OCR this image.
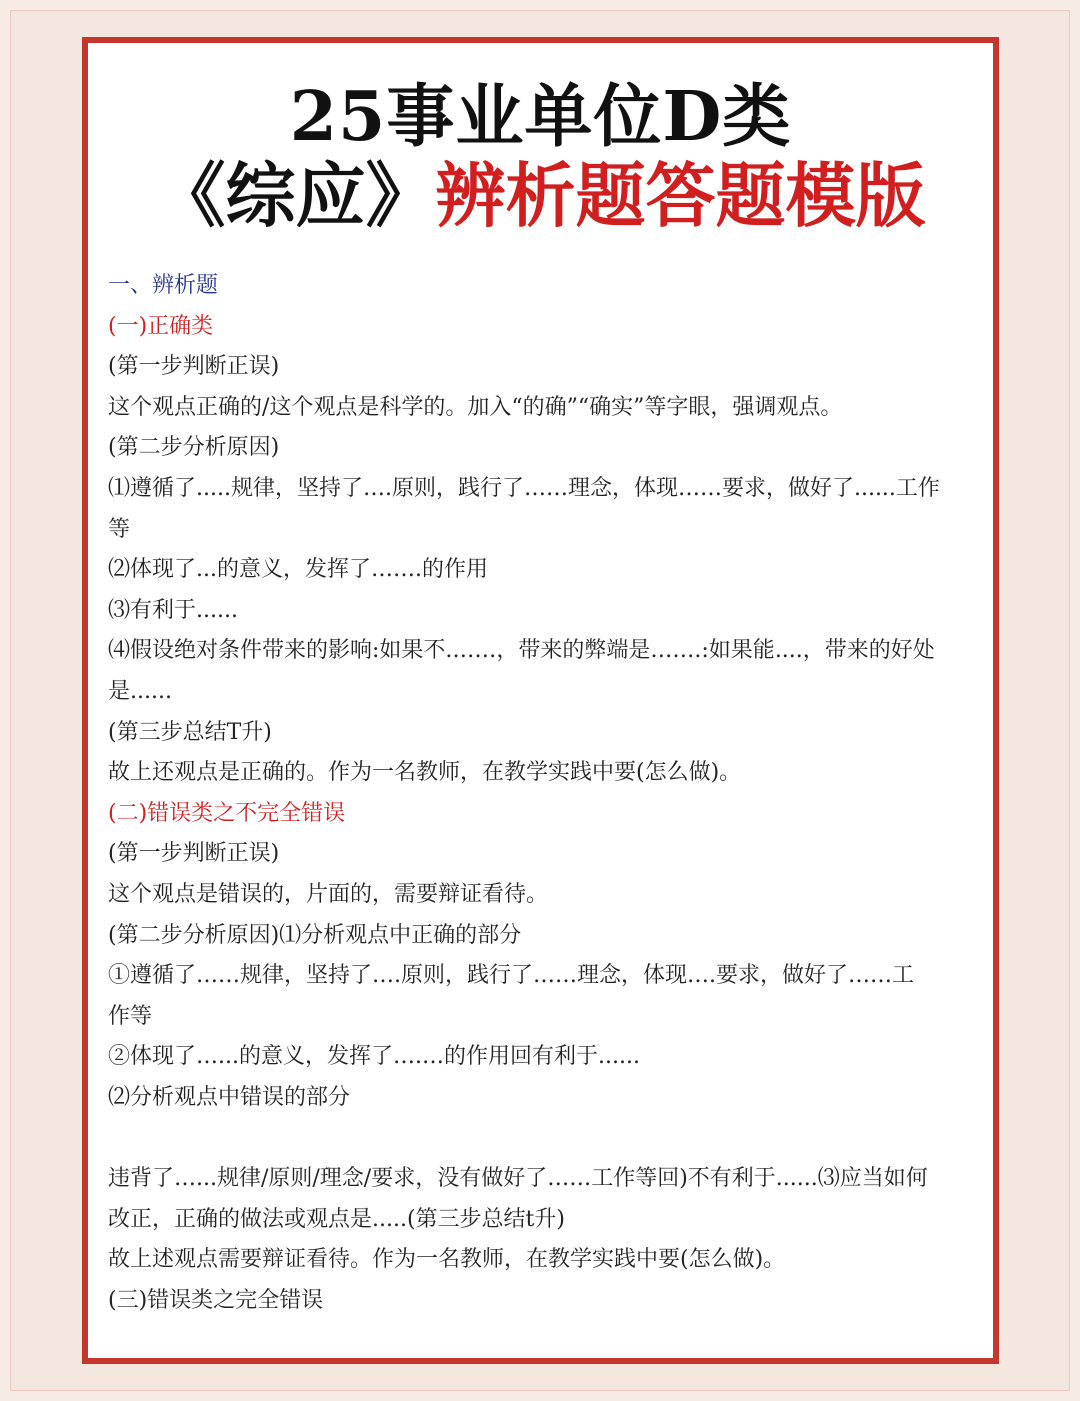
25事业单位D类
《综应》辨析题答题模版
一、辨析题
(一)正确类
(第一步判断正误)
这个观点正确的/这个观点是科学的。加入“的确”“确实”等字眼，强调观点。
(第二步分析原因)
⑴遵循了.....规律，坚持了….原则，践行了……理念，体现……要求，做好了......工作
等
⑵体现了...的意义，发挥了…….的作用
⑶有利于......
⑷假设绝对条件带来的影响:如果不.……，带来的弊端是…….:如果能....，带来的好处
是......
(第三步总结T升)
故上还观点是正确的。作为一名教师，在教学实践中要(怎么做)。
(二)错误类之不完全错误
(第一步判断正误)
这个观点是错误的，片面的，需要辩证看待。
(第二步分析原因)⑴分析观点中正确的部分
①遵循了……规律，坚持了….原则，践行了……理念，体现….要求，做好了……工
作等
②体现了…...的意义，发挥了….…的作用回有利于......
⑵分析观点中错误的部分
违背了…...规律/原则/理念/要求，没有做好了……工作等回)不有利于......⑶应当如何
改正，正确的做法或观点是.....(第三步总结t升)
故上述观点需要辩证看待。作为一名教师，在教学实践中要(怎么做)。
(三)错误类之完全错误
